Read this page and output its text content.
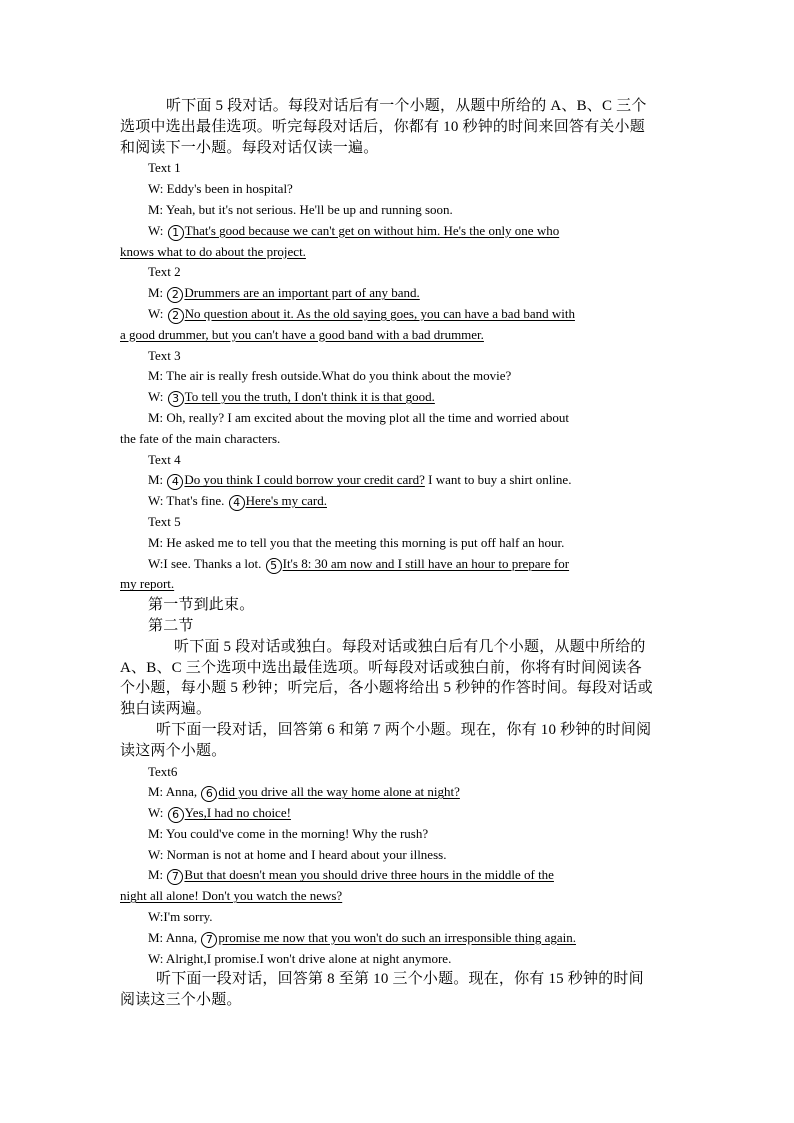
听下面 5 段对话。每段对话后有一个小题，从题中所给的 A、B、C 三个
选项中选出最佳选项。听完每段对话后，你都有 10 秒钟的时间来回答有关小题
和阅读下一小题。每段对话仅读一遍。
Text 1
W: Eddy's been in hospital?
M: Yeah, but it's not serious. He'll be up and running soon.
W: 1 That's good because we can't get on without him. He's the only one who
knows what to do about the project.
Text 2
M: 2 Drummers are an important part of any band.
W: 2 No question about it. As the old saying goes, you can have a bad band with
a good drummer, but you can't have a good band with a bad drummer.
Text 3
M: The air is really fresh outside.What do you think about the movie?
W: 3 To tell you the truth, I don't think it is that good.
M: Oh, really? I am excited about the moving plot all the time and worried about
the fate of the main characters.
Text 4
M: 4 Do you think I could borrow your credit card? I want to buy a shirt online.
W: That's fine. 4 Here's my card.
Text 5
M: He asked me to tell you that the meeting this morning is put off half an hour.
W:I see. Thanks a lot. 5 It's 8: 30 am now and I still have an hour to prepare for
my report.
第一节到此束。
第二节
听下面 5 段对话或独白。每段对话或独白后有几个小题，从题中所给的
A、B、C 三个选项中选出最佳选项。听每段对话或独白前，你将有时间阅读各
个小题，每小题 5 秒钟；听完后，各小题将给出 5 秒钟的作答时间。每段对话或
独白读两遍。
听下面一段对话，回答第 6 和第 7 两个小题。现在，你有 10 秒钟的时间阅
读这两个小题。
Text6
M: Anna, 6 did you drive all the way home alone at night?
W: 6 Yes,I had no choice!
M: You could've come in the morning! Why the rush?
W: Norman is not at home and I heard about your illness.
M: 7 But that doesn't mean you should drive three hours in the middle of the
night all alone! Don't you watch the news?
W:I'm sorry.
M: Anna, 7 promise me now that you won't do such an irresponsible thing again.
W: Alright,I promise.I won't drive alone at night anymore.
听下面一段对话，回答第 8 至第 10 三个小题。现在，你有 15 秒钟的时间
阅读这三个小题。
